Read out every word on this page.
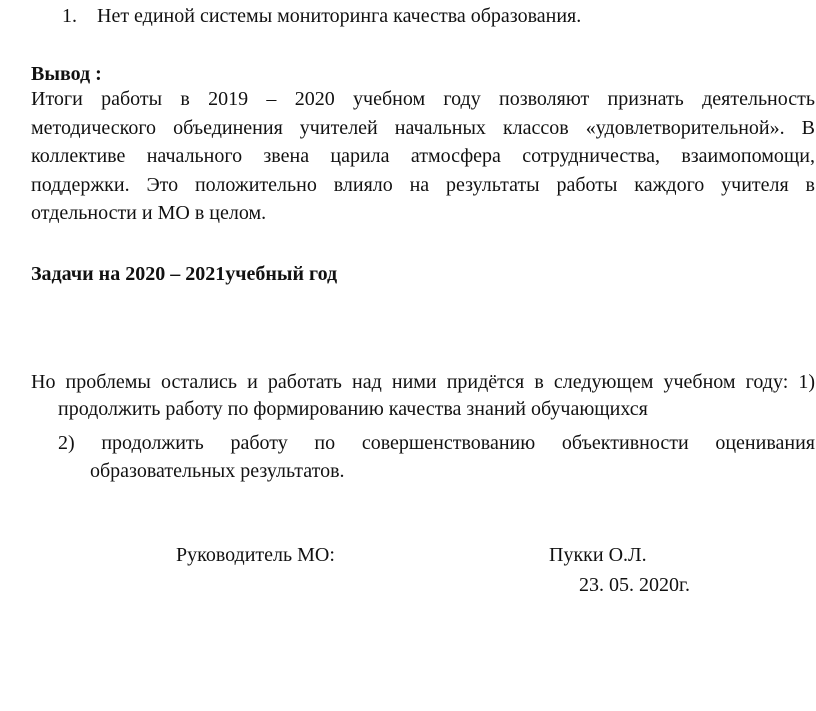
1. Нет единой системы мониторинга качества образования.
Вывод :
Итоги работы в 2019 – 2020 учебном году позволяют признать деятельность
методического объединения учителей начальных классов «удовлетворительной». В
коллективе начального звена царила атмосфера сотрудничества, взаимопомощи,
поддержки. Это положительно влияло на результаты работы каждого учителя в
отдельности и МО в целом.
Задачи на 2020 – 2021учебный год
Но проблемы остались и работать над ними придётся в следующем учебном году: 1)
продолжить работу по формированию качества знаний обучающихся
2) продолжить работу по совершенствованию объективности оценивания
образовательных результатов.
Руководитель МО:	Пукки О.Л.
23. 05. 2020г.
